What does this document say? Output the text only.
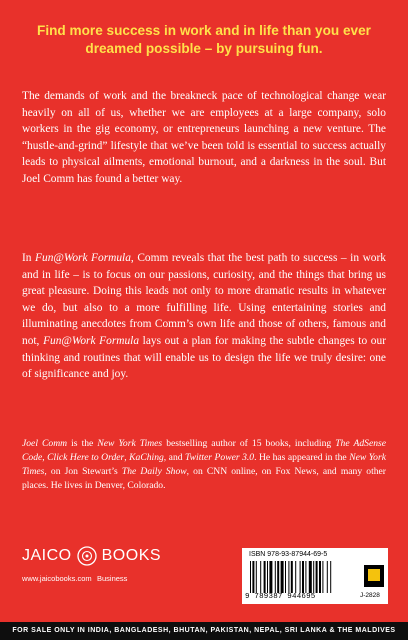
Find more success in work and in life than you ever dreamed possible – by pursuing fun.

The demands of work and the breakneck pace of technological change wear heavily on all of us, whether we are employees at a large company, solo workers in the gig economy, or entrepreneurs launching a new venture. The “hustle-and-grind” lifestyle that we’ve been told is essential to success actually leads to physical ailments, emotional burnout, and a darkness in the soul. But Joel Comm has found a better way.

In Fun@Work Formula, Comm reveals that the best path to success – in work and in life – is to focus on our passions, curiosity, and the things that bring us great pleasure. Doing this leads not only to more dramatic results in whatever we do, but also to a more fulfilling life. Using entertaining stories and illuminating anecdotes from Comm’s own life and those of others, famous and not, Fun@Work Formula lays out a plan for making the subtle changes to our thinking and routines that will enable us to design the life we truly desire: one of significance and joy.

Joel Comm is the New York Times bestselling author of 15 books, including The AdSense Code, Click Here to Order, KaChing, and Twitter Power 3.0. He has appeared in the New York Times, on Jon Stewart’s The Daily Show, on CNN online, on Fox News, and many other places. He lives in Denver, Colorado.

JAICO BOOKS
www.jaicobooks.com Business
ISBN 978-93-87944-69-5
9 789387 944695	J-2828
FOR SALE ONLY IN INDIA, BANGLADESH, BHUTAN, PAKISTAN, NEPAL, SRI LANKA & THE MALDIVES
